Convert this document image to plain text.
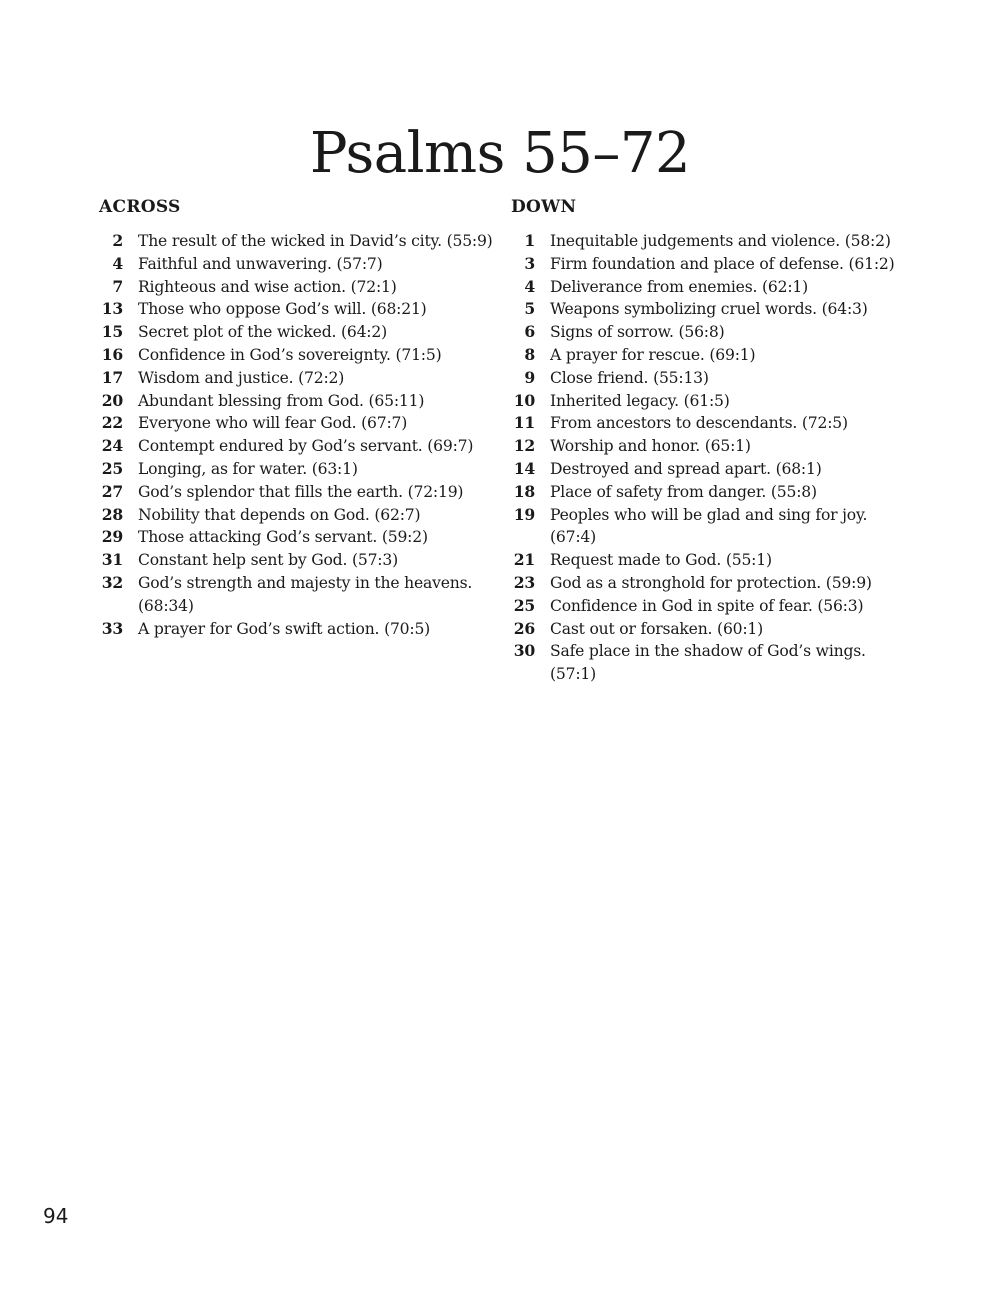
Psalms 55–72
ACROSS
2 The result of the wicked in David’s city. (55:9)
4 Faithful and unwavering. (57:7)
7 Righteous and wise action. (72:1)
13 Those who oppose God’s will. (68:21)
15 Secret plot of the wicked. (64:2)
16 Confidence in God’s sovereignty. (71:5)
17 Wisdom and justice. (72:2)
20 Abundant blessing from God. (65:11)
22 Everyone who will fear God. (67:7)
24 Contempt endured by God’s servant. (69:7)
25 Longing, as for water. (63:1)
27 God’s splendor that fills the earth. (72:19)
28 Nobility that depends on God. (62:7)
29 Those attacking God’s servant. (59:2)
31 Constant help sent by God. (57:3)
32 God’s strength and majesty in the heavens. (68:34)
33 A prayer for God’s swift action. (70:5)
DOWN
1 Inequitable judgements and violence. (58:2)
3 Firm foundation and place of defense. (61:2)
4 Deliverance from enemies. (62:1)
5 Weapons symbolizing cruel words. (64:3)
6 Signs of sorrow. (56:8)
8 A prayer for rescue. (69:1)
9 Close friend. (55:13)
10 Inherited legacy. (61:5)
11 From ancestors to descendants. (72:5)
12 Worship and honor. (65:1)
14 Destroyed and spread apart. (68:1)
18 Place of safety from danger. (55:8)
19 Peoples who will be glad and sing for joy. (67:4)
21 Request made to God. (55:1)
23 God as a stronghold for protection. (59:9)
25 Confidence in God in spite of fear. (56:3)
26 Cast out or forsaken. (60:1)
30 Safe place in the shadow of God’s wings. (57:1)
94
